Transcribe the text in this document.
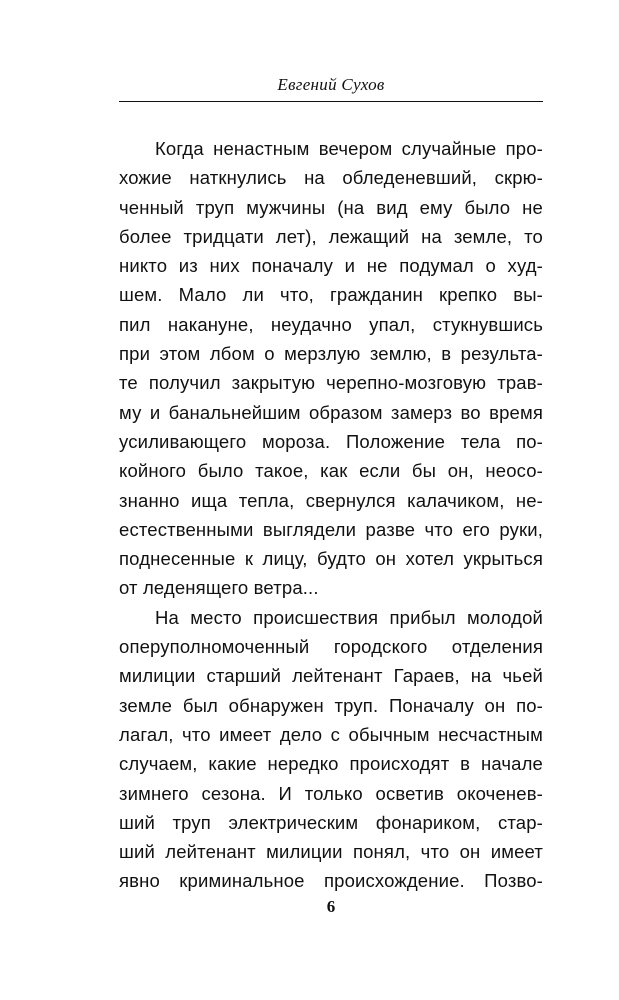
Евгений Сухов
Когда ненастным вечером случайные про-
хожие наткнулись на обледеневший, скрю-
ченный труп мужчины (на вид ему было не
более тридцати лет), лежащий на земле, то
никто из них поначалу и не подумал о худ-
шем. Мало ли что, гражданин крепко вы-
пил накануне, неудачно упал, стукнувшись
при этом лбом о мерзлую землю, в результа-
те получил закрытую черепно-мозговую трав-
му и банальнейшим образом замерз во время
усиливающего мороза. Положение тела по-
койного было такое, как если бы он, неосо-
знанно ища тепла, свернулся калачиком, не-
естественными выглядели разве что его руки,
поднесенные к лицу, будто он хотел укрыться
от леденящего ветра...
На место происшествия прибыл молодой
оперуполномоченный городского отделения
милиции старший лейтенант Гараев, на чьей
земле был обнаружен труп. Поначалу он по-
лагал, что имеет дело с обычным несчастным
случаем, какие нередко происходят в начале
зимнего сезона. И только осветив окоченев-
ший труп электрическим фонариком, стар-
ший лейтенант милиции понял, что он имеет
явно криминальное происхождение. Позво-
6
